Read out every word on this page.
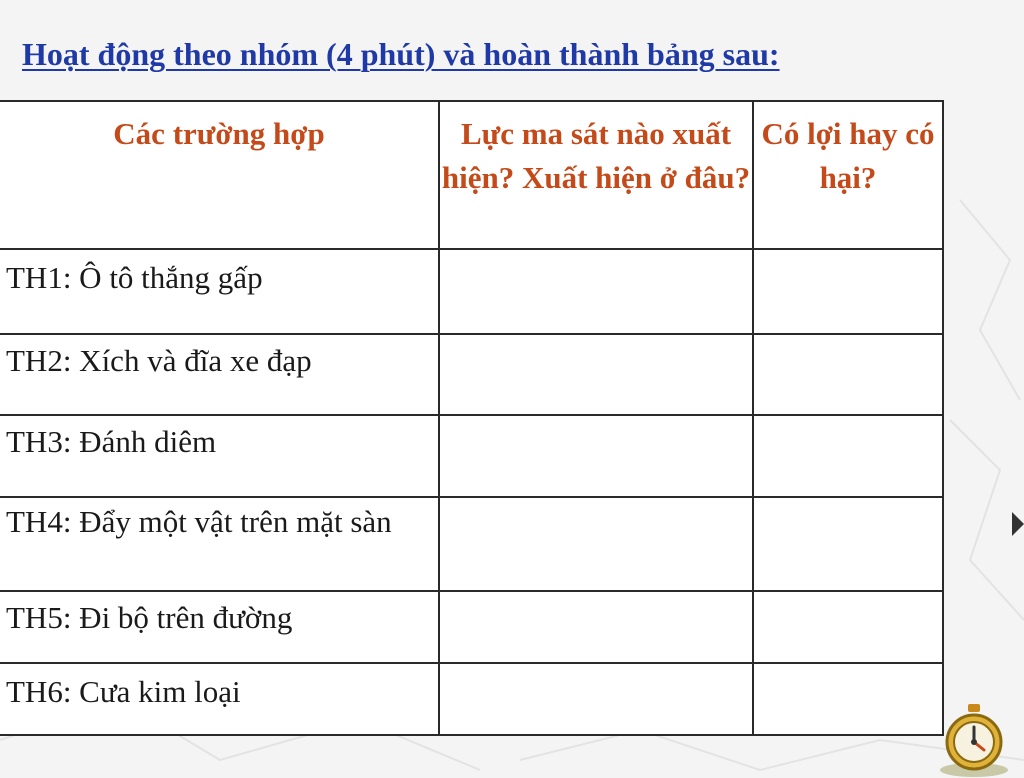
Hoạt động theo nhóm (4 phút) và hoàn thành bảng sau:
Các trường hợp	Lực ma sát nào xuất hiện? Xuất hiện ở đâu?	Có lợi hay có hại?
TH1: Ô tô thắng gấp		
TH2: Xích và đĩa xe đạp		
TH3: Đánh diêm		
TH4: Đẩy một vật trên mặt sàn		
TH5: Đi bộ trên đường		
TH6: Cưa kim loại		
